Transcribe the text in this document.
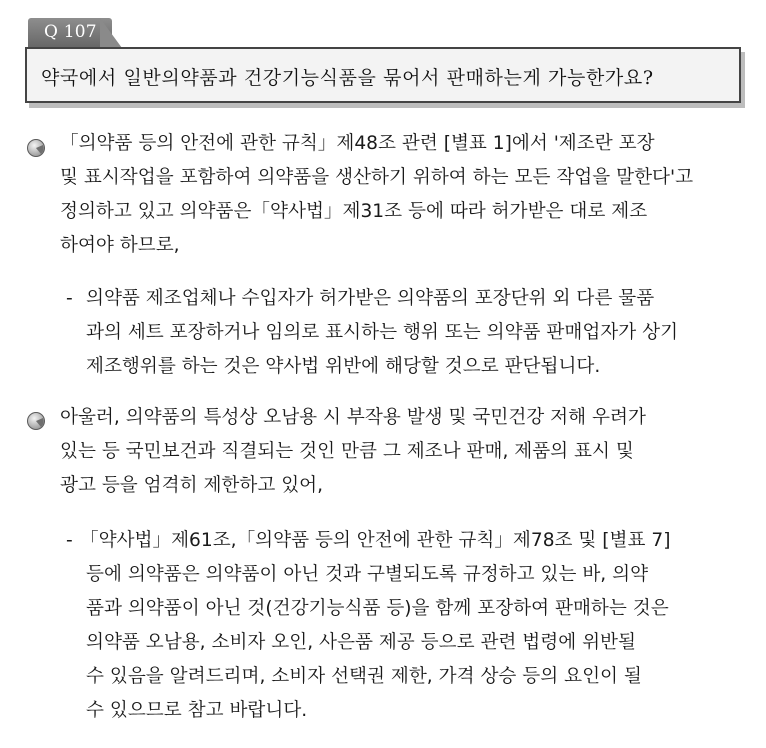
Q 107
약국에서 일반의약품과 건강기능식품을 묶어서 판매하는게 가능한가요?
「의약품 등의 안전에 관한 규칙」제48조 관련 [별표 1]에서 '제조란 포장
및 표시작업을 포함하여 의약품을 생산하기 위하여 하는 모든 작업을 말한다'고
정의하고 있고 의약품은「약사법」제31조 등에 따라 허가받은 대로 제조
하여야 하므로,
- 의약품 제조업체나 수입자가 허가받은 의약품의 포장단위 외 다른 물품
과의 세트 포장하거나 임의로 표시하는 행위 또는 의약품 판매업자가 상기
제조행위를 하는 것은 약사법 위반에 해당할 것으로 판단됩니다.
아울러, 의약품의 특성상 오남용 시 부작용 발생 및 국민건강 저해 우려가
있는 등 국민보건과 직결되는 것인 만큼 그 제조나 판매, 제품의 표시 및
광고 등을 엄격히 제한하고 있어,
- 「약사법」제61조,「의약품 등의 안전에 관한 규칙」제78조 및 [별표 7]
등에 의약품은 의약품이 아닌 것과 구별되도록 규정하고 있는 바, 의약
품과 의약품이 아닌 것(건강기능식품 등)을 함께 포장하여 판매하는 것은
의약품 오남용, 소비자 오인, 사은품 제공 등으로 관련 법령에 위반될
수 있음을 알려드리며, 소비자 선택권 제한, 가격 상승 등의 요인이 될
수 있으므로 참고 바랍니다.
